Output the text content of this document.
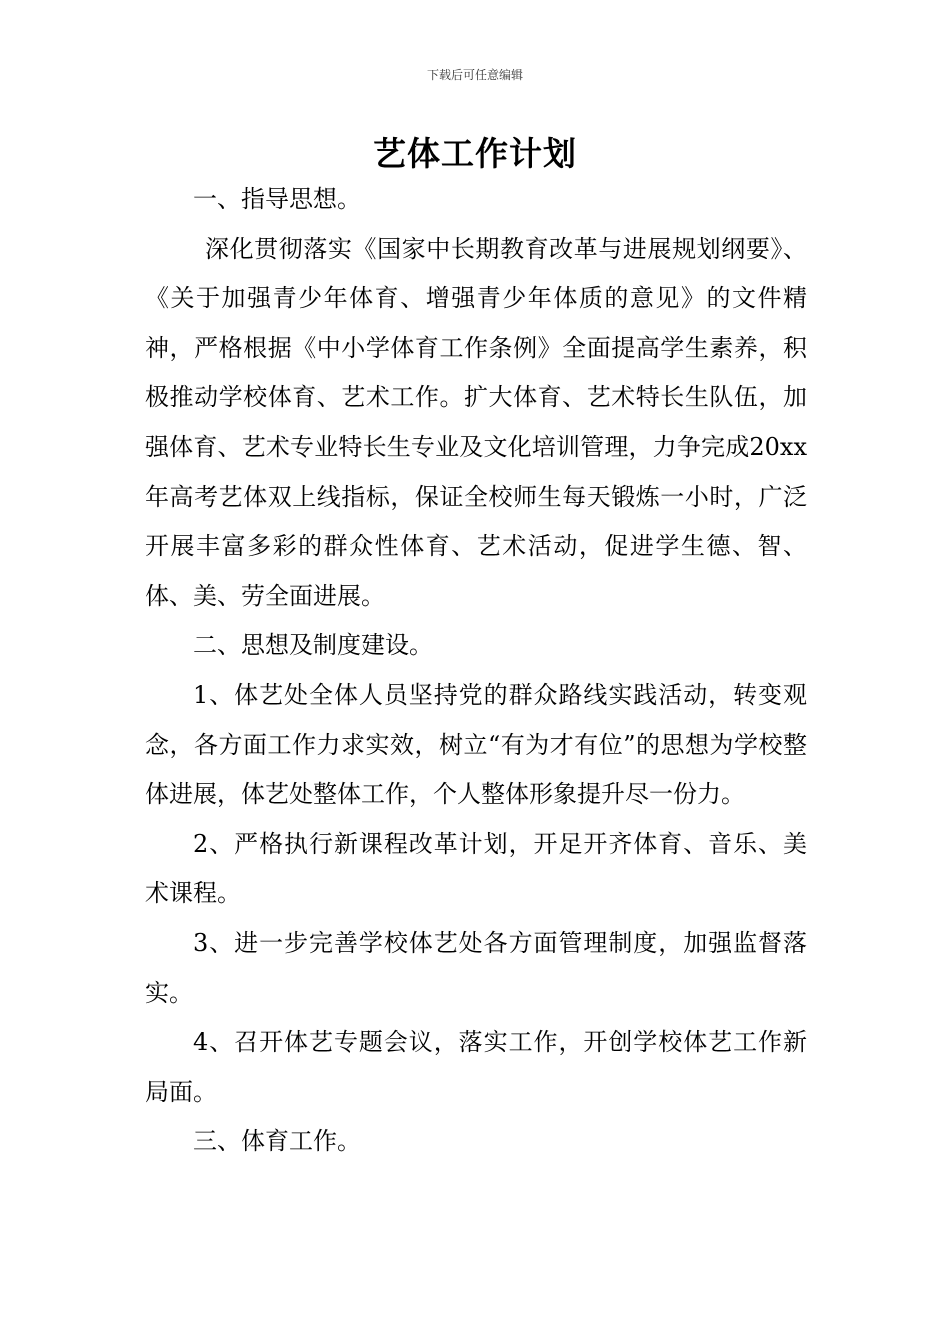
下载后可任意编辑
艺体工作计划

一、指导思想。

深化贯彻落实《国家中长期教育改革与进展规划纲要》、《关于加强青少年体育、增强青少年体质的意见》的文件精神，严格根据《中小学体育工作条例》全面提高学生素养，积极推动学校体育、艺术工作。扩大体育、艺术特长生队伍，加强体育、艺术专业特长生专业及文化培训管理，力争完成20xx年高考艺体双上线指标，保证全校师生每天锻炼一小时，广泛开展丰富多彩的群众性体育、艺术活动，促进学生德、智、体、美、劳全面进展。

二、思想及制度建设。

1、体艺处全体人员坚持党的群众路线实践活动，转变观念，各方面工作力求实效，树立“有为才有位”的思想为学校整体进展，体艺处整体工作，个人整体形象提升尽一份力。

2、严格执行新课程改革计划，开足开齐体育、音乐、美术课程。

3、进一步完善学校体艺处各方面管理制度，加强监督落实。

4、召开体艺专题会议，落实工作，开创学校体艺工作新局面。

三、体育工作。
